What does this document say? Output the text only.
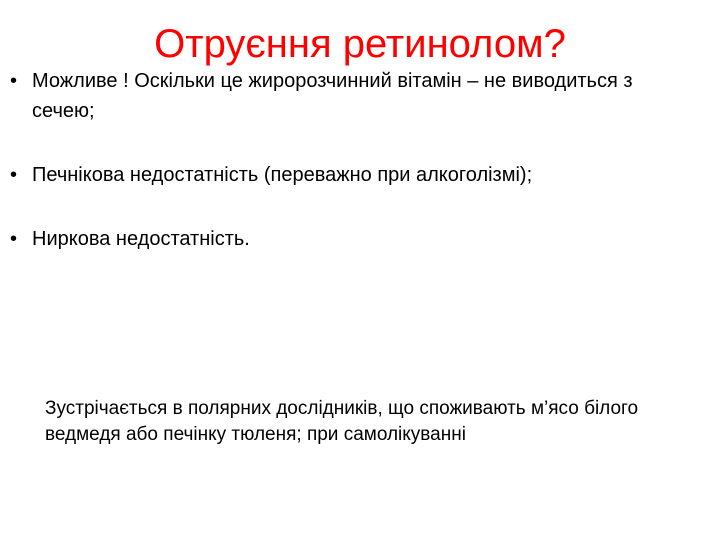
Отруєння ретинолом?
• Можливе ! Оскільки це жиророзчинний вітамін – не виводиться з сечею;
• Печнікова недостатність (переважно при алкоголізмі);
• Ниркова недостатність.
Зустрічається в полярних дослідників, що споживають м’ясо білого ведмедя або печінку тюленя; при самолікуванні
